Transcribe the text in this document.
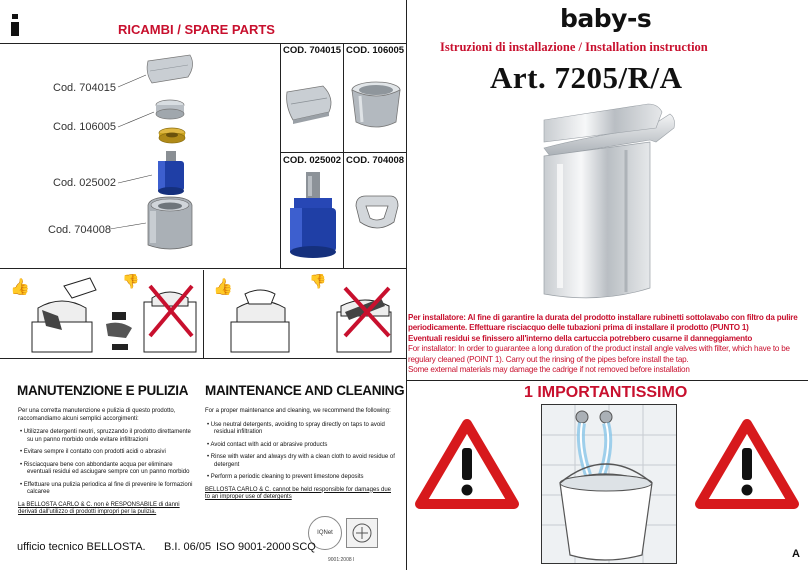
RICAMBI / SPARE PARTS
Cod. 704015
Cod. 106005
Cod. 025002
Cod. 704008
COD. 704015 COD. 106005
COD. 025002 COD. 704008
👍	👎	👍	👎
MANUTENZIONE E PULIZIA MAINTENANCE AND CLEANING
Per una corretta manutenzione e pulizia di questo prodotto, raccomandiamo alcuni semplici accorgimenti:
• Utilizzare detergenti neutri, spruzzando il prodotto direttamente su un panno morbido onde evitare infiltrazioni
• Evitare sempre il contatto con prodotti acidi o abrasivi
• Risciacquare bene con abbondante acqua per eliminare eventuali residui ed asciugare sempre con un panno morbido
• Effettuare una pulizia periodica al fine di prevenire le formazioni calcaree
La BELLOSTA CARLO & C. non è RESPONSABILE di danni derivati dall'utilizzo di prodotti impropri per la pulizia.
For a proper maintenance and cleaning, we recommend the following:
• Use neutral detergents, avoiding to spray directly on taps to avoid residual infiltration
• Avoid contact with acid or abrasive products
• Rinse with water and always dry with a clean cloth to avoid residue of detergent
• Perform a periodic cleaning to prevent limestone deposits
BELLOSTA CARLO & C. cannot be held responsible for damages due to an improper use of detergents
IQNet
9001:2008 I
ufficio tecnico BELLOSTA. B.I. 06/05 ISO 9001-2000 SCQ
baby-s
Istruzioni di installazione / Installation instruction
Art. 7205/R/A
Per installatore: Al fine di garantire la durata del prodotto installare rubinetti sottolavabo con filtro da pulire periodicamente. Effettuare risciacquo delle tubazioni prima di installare il prodotto (PUNTO 1)
Eventuali residui se finissero all'interno della cartuccia potrebbero cusarne il danneggiamento
For installator: In order to guarantee a long duration of the product install angle valves with filter, which have to be regulary cleaned (POINT 1). Carry out the rinsing of the pipes before install the tap.
Some external materials may damage the cadrige if not removed before installation
1 IMPORTANTISSIMO
A
